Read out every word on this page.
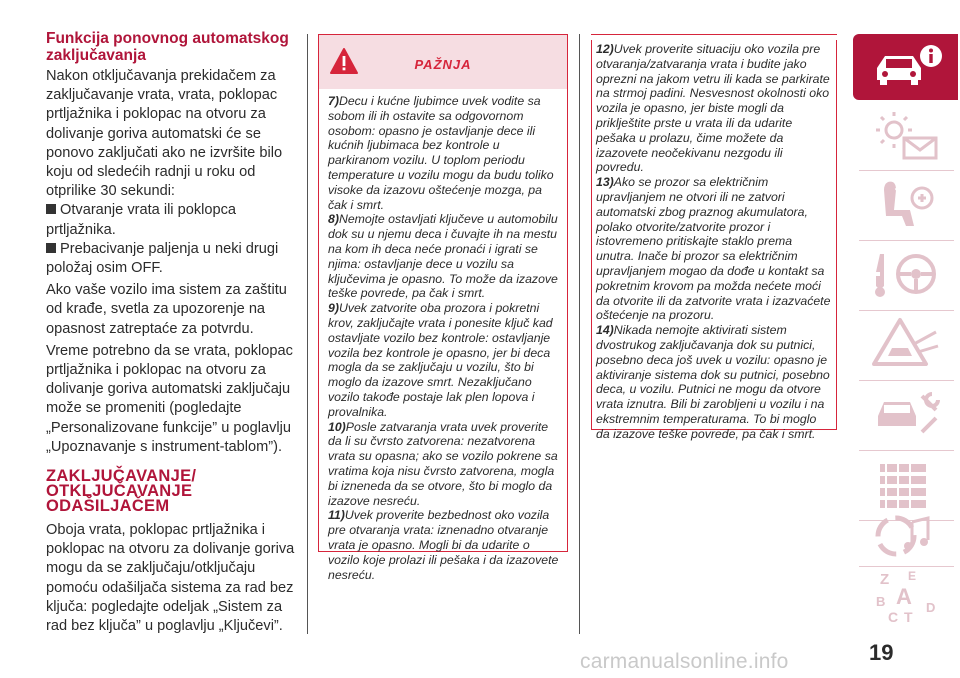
Funkcija ponovnog automatskog zaključavanja

Nakon otključavanja prekidačem za zaključavanje vrata, vrata, poklopac prtljažnika i poklopac na otvoru za dolivanje goriva automatski će se ponovo zaključati ako ne izvršite bilo koju od sledećih radnji u roku od otprilike 30 sekundi:

Otvaranje vrata ili poklopca prtljažnika.
Prebacivanje paljenja u neki drugi položaj osim OFF.

Ako vaše vozilo ima sistem za zaštitu od krađe, svetla za upozorenje na opasnost zatreptaće za potvrdu.

Vreme potrebno da se vrata, poklopac prtljažnika i poklopac na otvoru za dolivanje goriva automatski zaključaju može se promeniti (pogledajte „Personalizovane funkcije” u poglavlju „Upoznavanje s instrument-tablom”).

ZAKLJUČAVANJE/ OTKLJUČAVANJE ODAŠILJAČEM

Oboja vrata, poklopac prtljažnika i poklopac na otvoru za dolivanje goriva mogu da se zaključaju/otključaju pomoću odašiljača sistema za rad bez ključa: pogledajte odeljak „Sistem za rad bez ključa” u poglavlju „Ključevi”.

PAŽNJA

7)Decu i kućne ljubimce uvek vodite sa sobom ili ih ostavite sa odgovornom osobom: opasno je ostavljanje dece ili kućnih ljubimaca bez kontrole u parkiranom vozilu. U toplom periodu temperature u vozilu mogu da budu toliko visoke da izazovu oštećenje mozga, pa čak i smrt.

8)Nemojte ostavljati ključeve u automobilu dok su u njemu deca i čuvajte ih na mestu na kom ih deca neće pronaći i igrati se njima: ostavljanje dece u vozilu sa ključevima je opasno. To može da izazove teške povrede, pa čak i smrt.

9)Uvek zatvorite oba prozora i pokretni krov, zaključajte vrata i ponesite ključ kad ostavljate vozilo bez kontrole: ostavljanje vozila bez kontrole je opasno, jer bi deca mogla da se zaključaju u vozilu, što bi moglo da izazove smrt. Nezaključano vozilo takođe postaje lak plen lopova i provalnika.

10)Posle zatvaranja vrata uvek proverite da li su čvrsto zatvorena: nezatvorena vrata su opasna; ako se vozilo pokrene sa vratima koja nisu čvrsto zatvorena, mogla bi izneneda da se otvore, što bi moglo da izazove nesreću.

11)Uvek proverite bezbednost oko vozila pre otvaranja vrata: iznenadno otvaranje vrata je opasno. Mogli bi da udarite o vozilo koje prolazi ili pešaka i da izazovete nesreću.

12)Uvek proverite situaciju oko vozila pre otvaranja/zatvaranja vrata i budite jako oprezni na jakom vetru ili kada se parkirate na strmoj padini. Nesvesnost okolnosti oko vozila je opasno, jer biste mogli da priklještite prste u vrata ili da udarite pešaka u prolazu, čime možete da izazovete neočekivanu nezgodu ili povredu.

13)Ako se prozor sa električnim upravljanjem ne otvori ili ne zatvori automatski zbog praznog akumulatora, polako otvorite/zatvorite prozor i istovremeno pritiskajte staklo prema unutra. Inače bi prozor sa električnim upravljanjem mogao da dođe u kontakt sa pokretnim krovom pa možda nećete moći da otvorite ili da zatvorite vrata i izazvaćete oštećenje na prozoru.

14)Nikada nemojte aktivirati sistem dvostrukog zaključavanja dok su putnici, posebno deca još uvek u vozilu: opasno je aktiviranje sistema dok su putnici, posebno deca, u vozilu. Putnici ne mogu da otvore vrata iznutra. Bili bi zarobljeni u vozilu i na ekstremnim temperaturama. To bi moglo da izazove teške povrede, pa čak i smrt.

Z E
B A
C T
D
19
carmanualsonline.info
